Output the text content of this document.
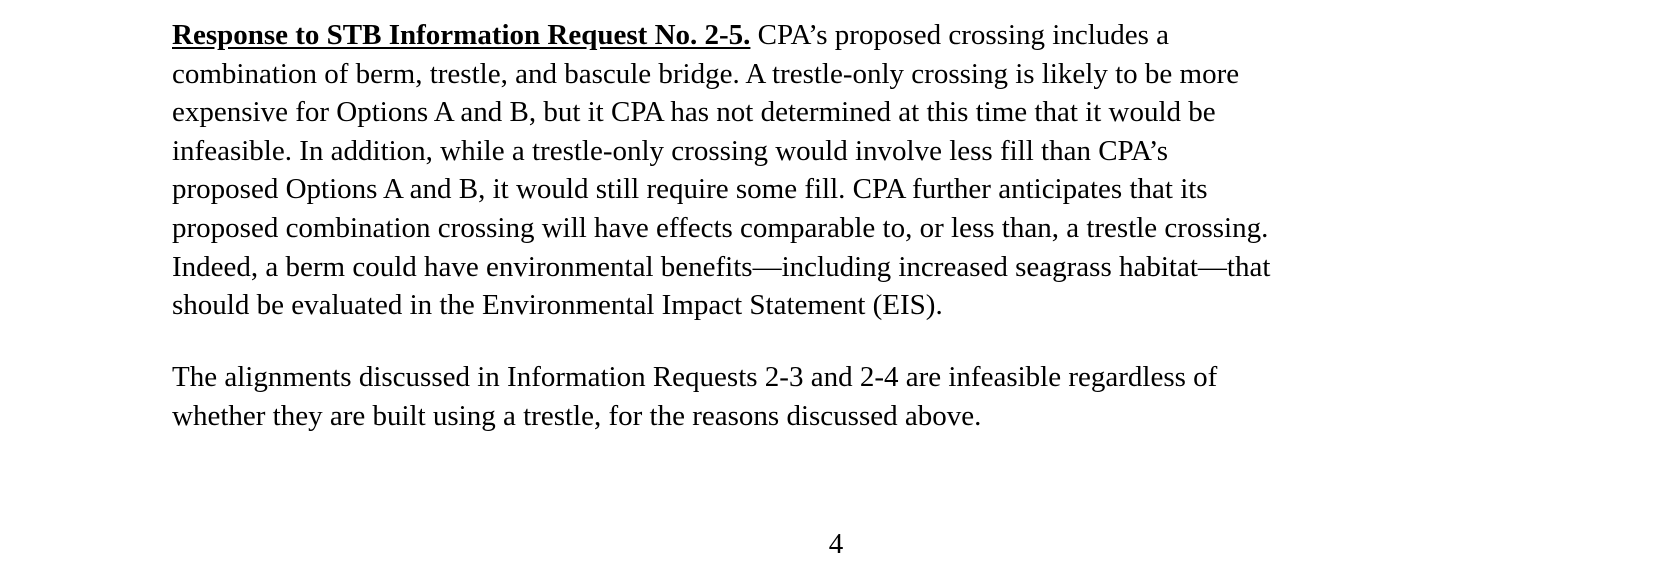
Response to STB Information Request No. 2-5. CPA’s proposed crossing includes a
combination of berm, trestle, and bascule bridge. A trestle-only crossing is likely to be more
expensive for Options A and B, but it CPA has not determined at this time that it would be
infeasible. In addition, while a trestle-only crossing would involve less fill than CPA’s
proposed Options A and B, it would still require some fill. CPA further anticipates that its
proposed combination crossing will have effects comparable to, or less than, a trestle crossing.
Indeed, a berm could have environmental benefits—including increased seagrass habitat—that
should be evaluated in the Environmental Impact Statement (EIS).

The alignments discussed in Information Requests 2-3 and 2-4 are infeasible regardless of
whether they are built using a trestle, for the reasons discussed above.

4
